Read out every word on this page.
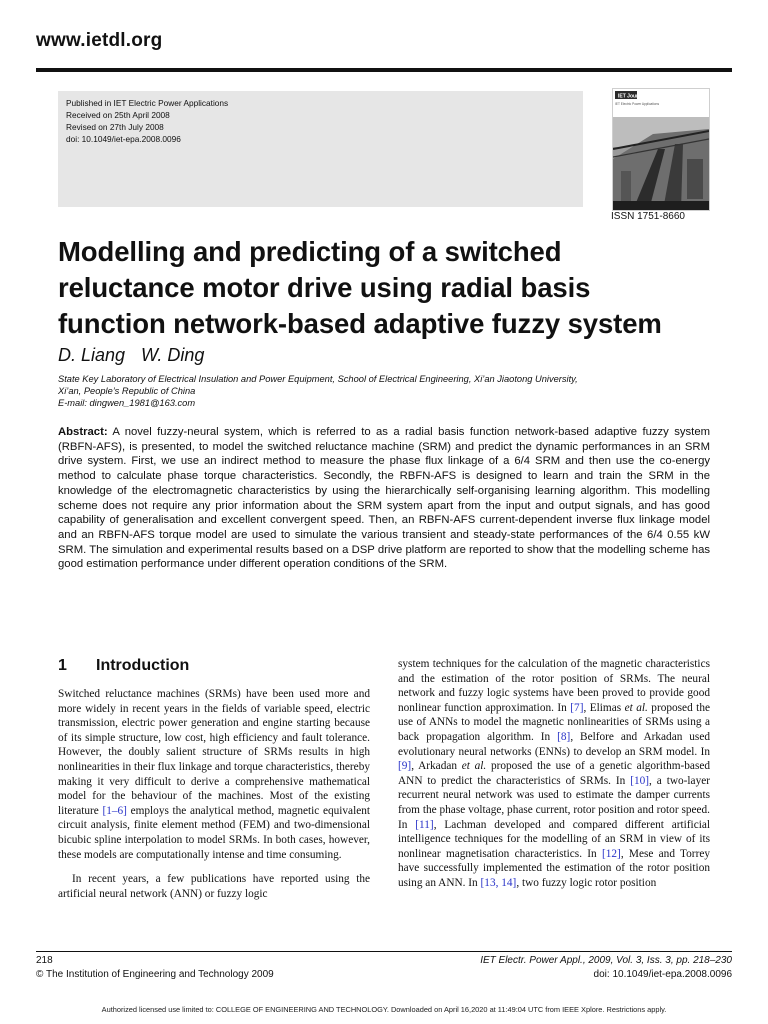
www.ietdl.org
Published in IET Electric Power Applications
Received on 25th April 2008
Revised on 27th July 2008
doi: 10.1049/iet-epa.2008.0096
IET Journals
IET Electric Power Applications
ISSN 1751-8660
Modelling and predicting of a switched
reluctance motor drive using radial basis
function network-based adaptive fuzzy system
D. Liang W. Ding
State Key Laboratory of Electrical Insulation and Power Equipment, School of Electrical Engineering, Xi’an Jiaotong University,
Xi’an, People’s Republic of China
E-mail: dingwen_1981@163.com
Abstract: A novel fuzzy-neural system, which is referred to as a radial basis function network-based adaptive fuzzy system (RBFN-AFS), is presented, to model the switched reluctance machine (SRM) and predict the dynamic performances in an SRM drive system. First, we use an indirect method to measure the phase flux linkage of a 6/4 SRM and then use the co-energy method to calculate phase torque characteristics. Secondly, the RBFN-AFS is designed to learn and train the SRM in the knowledge of the electromagnetic characteristics by using the hierarchically self-organising learning algorithm. This modelling scheme does not require any prior information about the SRM system apart from the input and output signals, and has good capability of generalisation and excellent convergent speed. Then, an RBFN-AFS current-dependent inverse flux linkage model and an RBFN-AFS torque model are used to simulate the various transient and steady-state performances of the 6/4 0.55 kW SRM. The simulation and experimental results based on a DSP drive platform are reported to show that the modelling scheme has good estimation performance under different operation conditions of the SRM.
1 Introduction

Switched reluctance machines (SRMs) have been used more and more widely in recent years in the fields of variable speed, electric transmission, electric power generation and engine starting because of its simple structure, low cost, high efficiency and fault tolerance. However, the doubly salient structure of SRMs results in high nonlinearities in their flux linkage and torque characteristics, thereby making it very difficult to derive a comprehensive mathematical model for the behaviour of the machines. Most of the existing literature [1–6] employs the analytical method, magnetic equivalent circuit analysis, finite element method (FEM) and two-dimensional bicubic spline interpolation to model SRMs. In both cases, however, these models are computationally intense and time consuming.

In recent years, a few publications have reported using the artificial neural network (ANN) or fuzzy logic

system techniques for the calculation of the magnetic characteristics and the estimation of the rotor position of SRMs. The neural network and fuzzy logic systems have been proved to provide good nonlinear function approximation. In [7], Elimas et al. proposed the use of ANNs to model the magnetic nonlinearities of SRMs using a back propagation algorithm. In [8], Belfore and Arkadan used evolutionary neural networks (ENNs) to develop an SRM model. In [9], Arkadan et al. proposed the use of a genetic algorithm-based ANN to predict the characteristics of SRMs. In [10], a two-layer recurrent neural network was used to estimate the damper currents from the phase voltage, phase current, rotor position and rotor speed. In [11], Lachman developed and compared different artificial intelligence techniques for the modelling of an SRM in view of its nonlinear magnetisation characteristics. In [12], Mese and Torrey have successfully implemented the estimation of the rotor position using an ANN. In [13, 14], two fuzzy logic rotor position

218
© The Institution of Engineering and Technology 2009
IET Electr. Power Appl., 2009, Vol. 3, Iss. 3, pp. 218–230
doi: 10.1049/iet-epa.2008.0096
Authorized licensed use limited to: COLLEGE OF ENGINEERING AND TECHNOLOGY. Downloaded on April 16,2020 at 11:49:04 UTC from IEEE Xplore. Restrictions apply.
